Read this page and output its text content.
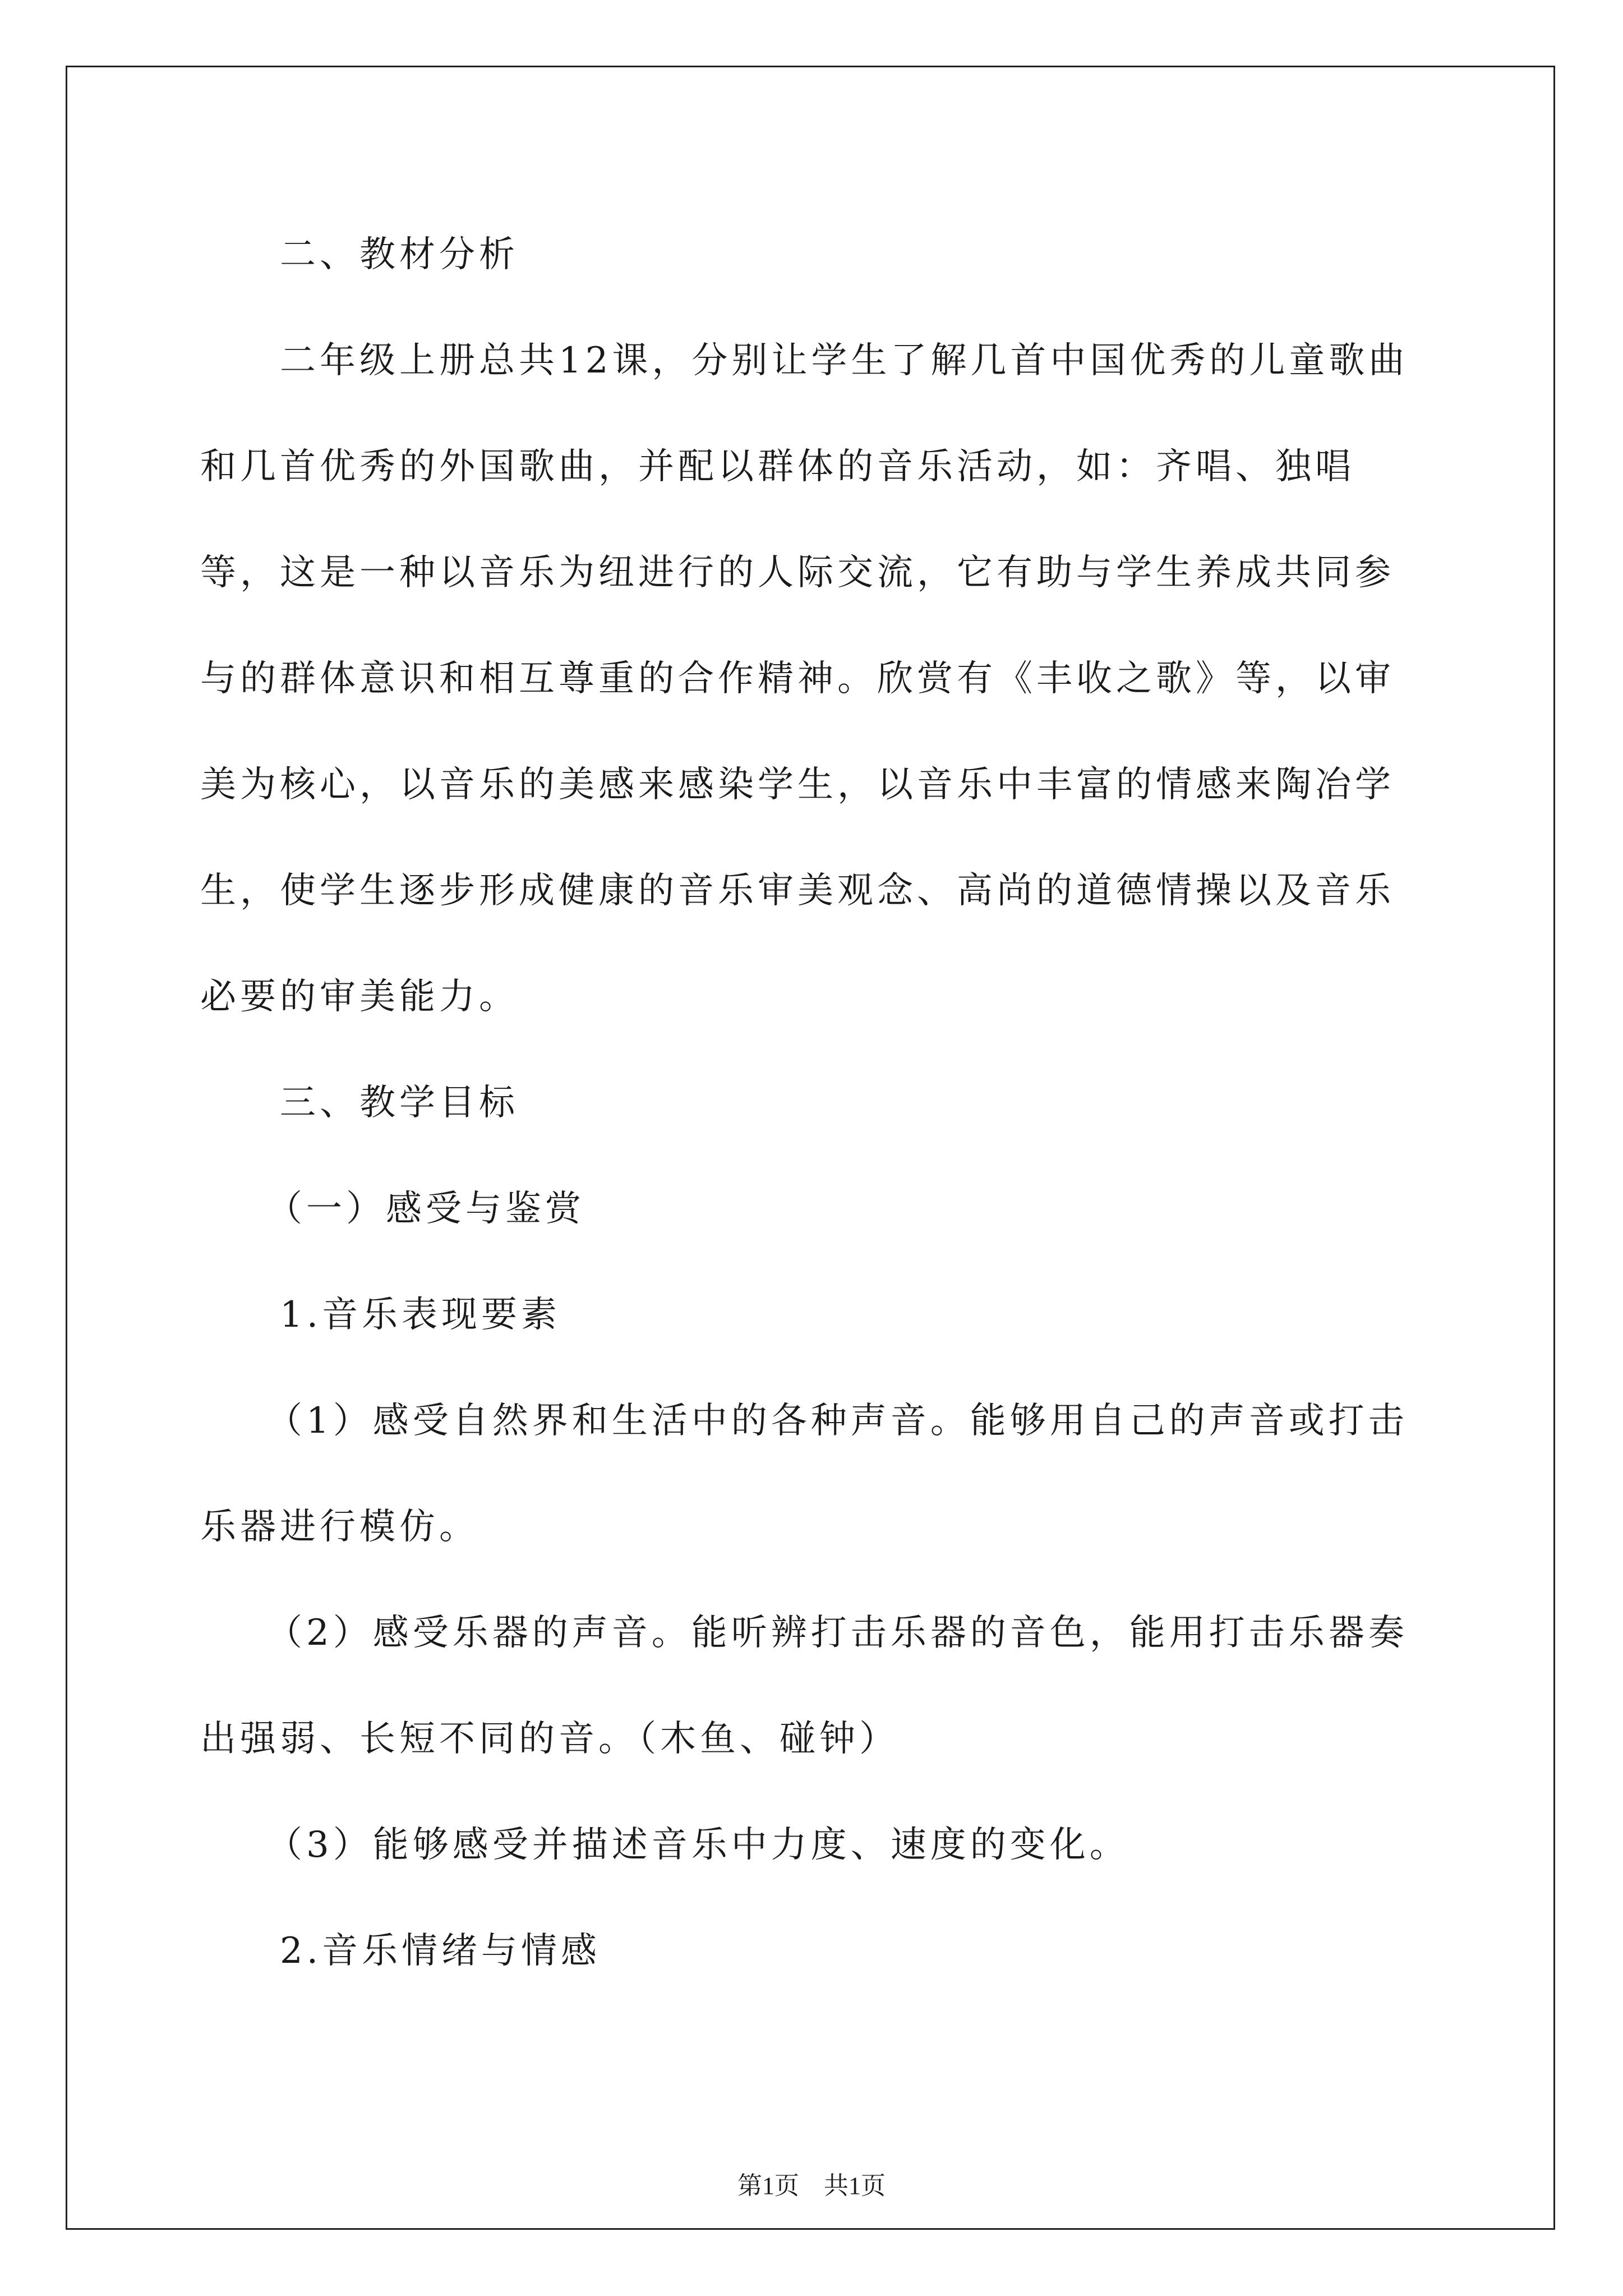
二、教材分析

二年级上册总共12课，分别让学生了解几首中国优秀的儿童歌曲和几首优秀的外国歌曲，并配以群体的音乐活动，如：齐唱、独唱等，这是一种以音乐为纽进行的人际交流，它有助与学生养成共同参与的群体意识和相互尊重的合作精神。欣赏有《丰收之歌》等，以审美为核心，以音乐的美感来感染学生，以音乐中丰富的情感来陶冶学生，使学生逐步形成健康的音乐审美观念、高尚的道德情操以及音乐必要的审美能力。

三、教学目标

（一）感受与鉴赏

1.音乐表现要素

（1）感受自然界和生活中的各种声音。能够用自己的声音或打击乐器进行模仿。

（2）感受乐器的声音。能听辨打击乐器的音色，能用打击乐器奏出强弱、长短不同的音。（木鱼、碰钟）

（3）能够感受并描述音乐中力度、速度的变化。

2.音乐情绪与情感

第1页　共1页
